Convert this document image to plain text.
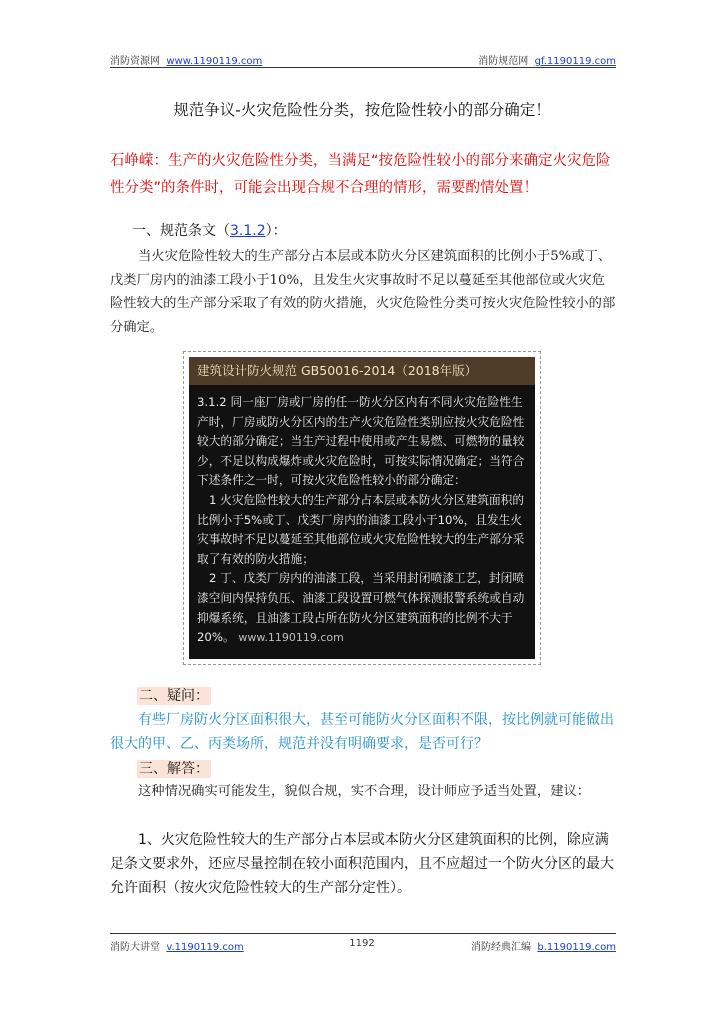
消防资源网 www.1190119.com	消防规范网 gf.1190119.com
规范争议-火灾危险性分类，按危险性较小的部分确定！
石峥嵘：生产的火灾危险性分类，当满足“按危险性较小的部分来确定火灾危险性分类”的条件时，可能会出现合规不合理的情形，需要酌情处置！
一、规范条文（3.1.2）：
当火灾危险性较大的生产部分占本层或本防火分区建筑面积的比例小于5%或丁、戊类厂房内的油漆工段小于10%，且发生火灾事故时不足以蔓延至其他部位或火灾危险性较大的生产部分采取了有效的防火措施，火灾危险性分类可按火灾危险性较小的部分确定。
建筑设计防火规范 GB50016-2014（2018年版）
3.1.2 同一座厂房或厂房的任一防火分区内有不同火灾危险性生产时，厂房或防火分区内的生产火灾危险性类别应按火灾危险性较大的部分确定；当生产过程中使用或产生易燃、可燃物的量较少，不足以构成爆炸或火灾危险时，可按实际情况确定；当符合下述条件之一时，可按火灾危险性较小的部分确定：
1 火灾危险性较大的生产部分占本层或本防火分区建筑面积的比例小于5%或丁、戊类厂房内的油漆工段小于10%，且发生火灾事故时不足以蔓延至其他部位或火灾危险性较大的生产部分采取了有效的防火措施；
2 丁、戊类厂房内的油漆工段，当采用封闭喷漆工艺，封闭喷漆空间内保持负压、油漆工段设置可燃气体探测报警系统或自动抑爆系统，且油漆工段占所在防火分区建筑面积的比例不大于20%。 www.1190119.com
二、疑问：
有些厂房防火分区面积很大，甚至可能防火分区面积不限，按比例就可能做出很大的甲、乙、丙类场所，规范并没有明确要求，是否可行？
三、解答：
这种情况确实可能发生，貌似合规，实不合理，设计师应予适当处置，建议：
1、火灾危险性较大的生产部分占本层或本防火分区建筑面积的比例，除应满足条文要求外，还应尽量控制在较小面积范围内，且不应超过一个防火分区的最大允许面积（按火灾危险性较大的生产部分定性）。
消防大讲堂 v.1190119.com	1192	消防经典汇编 b.1190119.com
